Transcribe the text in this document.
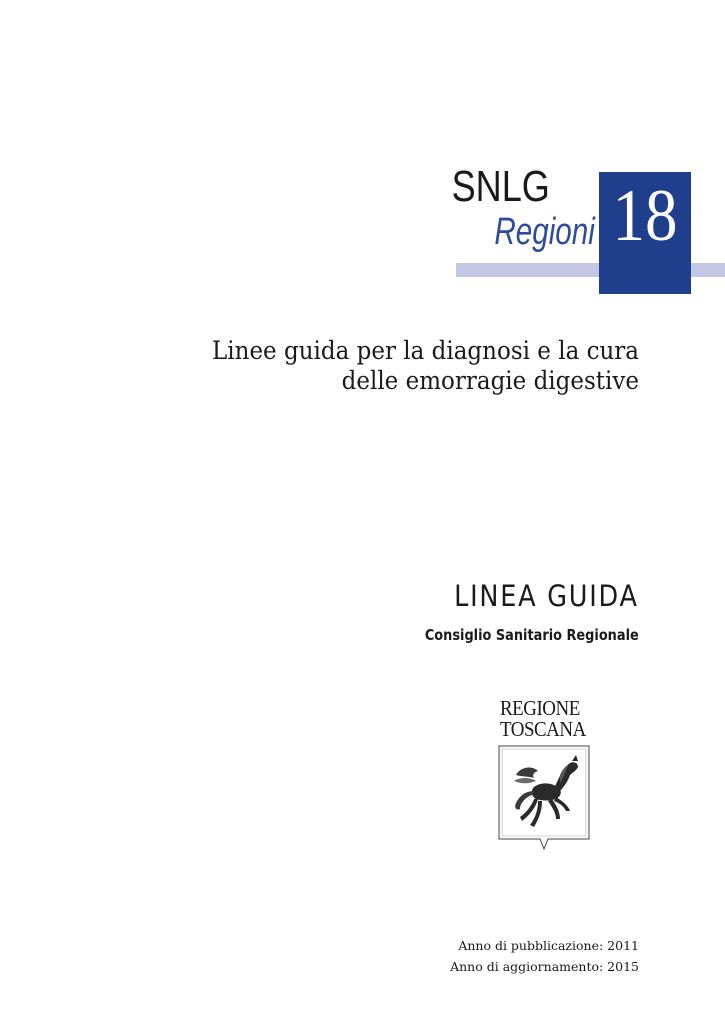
18
SNLG
Regioni
Linee guida per la diagnosi e la cura
delle emorragie digestive
LINEA GUIDA
Consiglio Sanitario Regionale
REGIONE
TOSCANA
Anno di pubblicazione: 2011
Anno di aggiornamento: 2015
